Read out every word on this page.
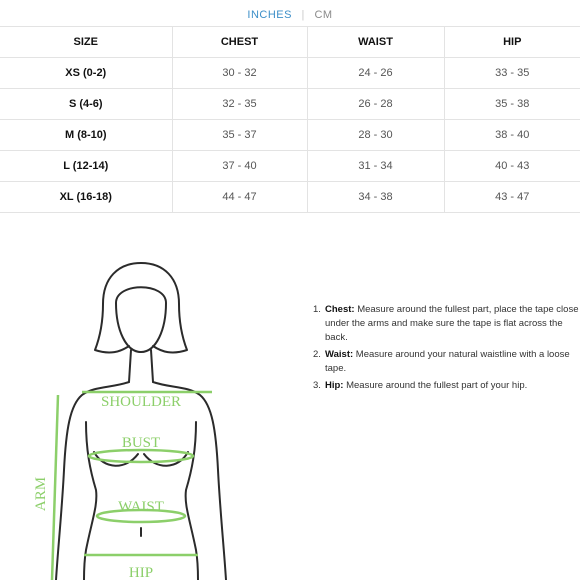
INCHES | CM
SIZE	CHEST	WAIST	HIP
XS (0-2)	30 - 32	24 - 26	33 - 35
S (4-6)	32 - 35	26 - 28	35 - 38
M (8-10)	35 - 37	28 - 30	38 - 40
L (12-14)	37 - 40	31 - 34	40 - 43
XL (16-18)	44 - 47	34 - 38	43 - 47
SHOULDER
BUST
WAIST
HIP
ARM
1. Chest: Measure around the fullest part, place the tape close under the arms and make sure the tape is flat across the back.
2. Waist: Measure around your natural waistline with a loose tape.
3. Hip: Measure around the fullest part of your hip.
